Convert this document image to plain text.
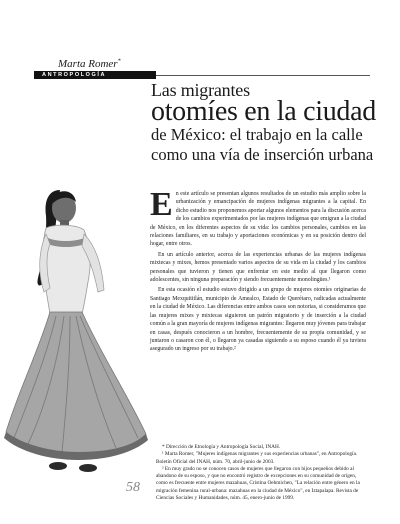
Marta Romer*
ANTROPOLOGÍA
Las migrantes
otomíes en la ciudad
de México: el trabajo en la calle
como una vía de inserción urbana

En este artículo se presentan algunos resultados de un estudio más amplio sobre la urbanización y emancipación de mujeres indígenas migrantes a la capital. En dicho estudio nos proponemos aportar algunos elementos para la discusión acerca de los cambios experimentados por las mujeres indígenas que emigran a la ciudad de México, en los diferentes aspectos de su vida: los cambios personales, cambios en las relaciones familiares, en su trabajo y aportaciones económicas y en su posición dentro del hogar, entre otros.

En un artículo anterior, acerca de las experiencias urbanas de las mujeres indígenas mixtecas y mixes, hemos presentado varios aspectos de su vida en la ciudad y los cambios personales que tuvieron y tienen que enfrentar en este medio al que llegaron como adolescentes, sin ninguna preparación y siendo frecuentemente monolingües.¹

En esta ocasión el estudio estuvo dirigido a un grupo de mujeres otomíes originarias de Santiago Mexquititlán, municipio de Amealco, Estado de Querétaro, radicadas actualmente en la ciudad de México. Las diferencias entre ambos casos son notorias, si consideramos que las mujeres mixes y mixtecas siguieron un patrón migratorio y de inserción a la ciudad común a la gran mayoría de mujeres indígenas migrantes: llegaron muy jóvenes para trabajar en casas, después conocieron a un hombre, frecuentemente de su propia comunidad, y se juntaron o casaron con él, o llegaron ya casadas siguiendo a su esposo cuando él ya tuviera asegurado un ingreso por su trabajo.²

* Dirección de Etnología y Antropología Social, INAH.

¹ Marta Romer, "Mujeres indígenas migrantes y sus experiencias urbanas", en Antropología. Boletín Oficial del INAH, núm. 70, abril-junio de 2003.

² En muy grado no se conocen casos de mujeres que llegaron con hijos pequeños debido al abandono de su esposo, y que no encontró registro de excepciones en su comunidad de origen, como es frecuente entre mujeres mazahuas, Cristina Oehmichen, "La relación entre género en la migración femenina rural-urbana: mazahuas en la ciudad de México", en Iztapalapa. Revista de Ciencias Sociales y Humanidades, núm. 45, enero-junio de 1999.

58
